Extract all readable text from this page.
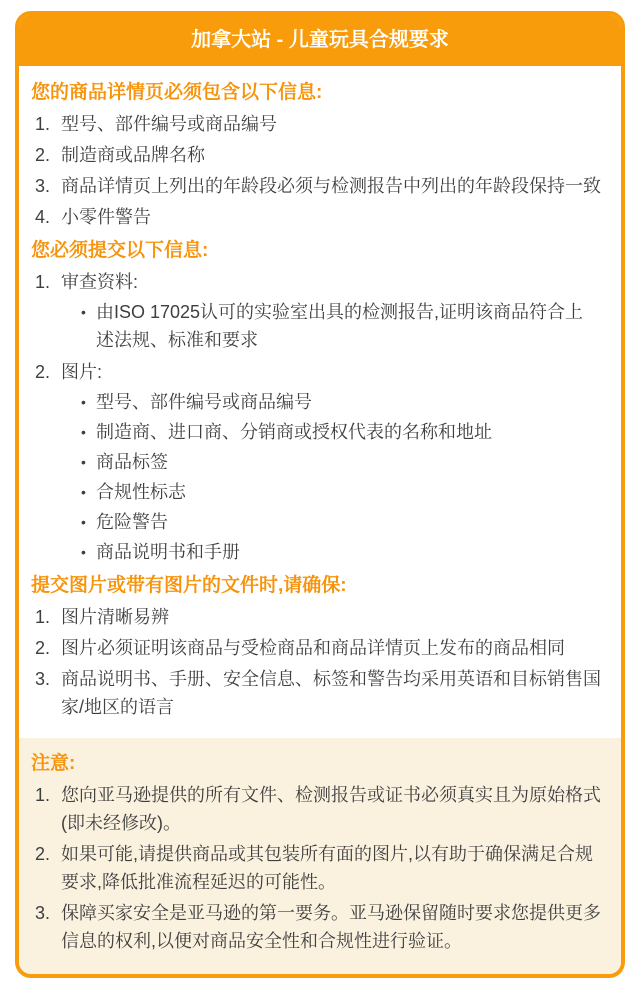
加拿大站 - 儿童玩具合规要求
您的商品详情页必须包含以下信息:
1. 型号、部件编号或商品编号
2. 制造商或品牌名称
3. 商品详情页上列出的年龄段必须与检测报告中列出的年龄段保持一致
4. 小零件警告
您必须提交以下信息:
1. 审查资料:
• 由ISO 17025认可的实验室出具的检测报告,证明该商品符合上述法规、标准和要求
2. 图片:
• 型号、部件编号或商品编号
• 制造商、进口商、分销商或授权代表的名称和地址
• 商品标签
• 合规性标志
• 危险警告
• 商品说明书和手册
提交图片或带有图片的文件时,请确保:
1. 图片清晰易辨
2. 图片必须证明该商品与受检商品和商品详情页上发布的商品相同
3. 商品说明书、手册、安全信息、标签和警告均采用英语和目标销售国家/地区的语言
注意:
1. 您向亚马逊提供的所有文件、检测报告或证书必须真实且为原始格式(即未经修改)。
2. 如果可能,请提供商品或其包装所有面的图片,以有助于确保满足合规要求,降低批准流程延迟的可能性。
3. 保障买家安全是亚马逊的第一要务。亚马逊保留随时要求您提供更多信息的权利,以便对商品安全性和合规性进行验证。
